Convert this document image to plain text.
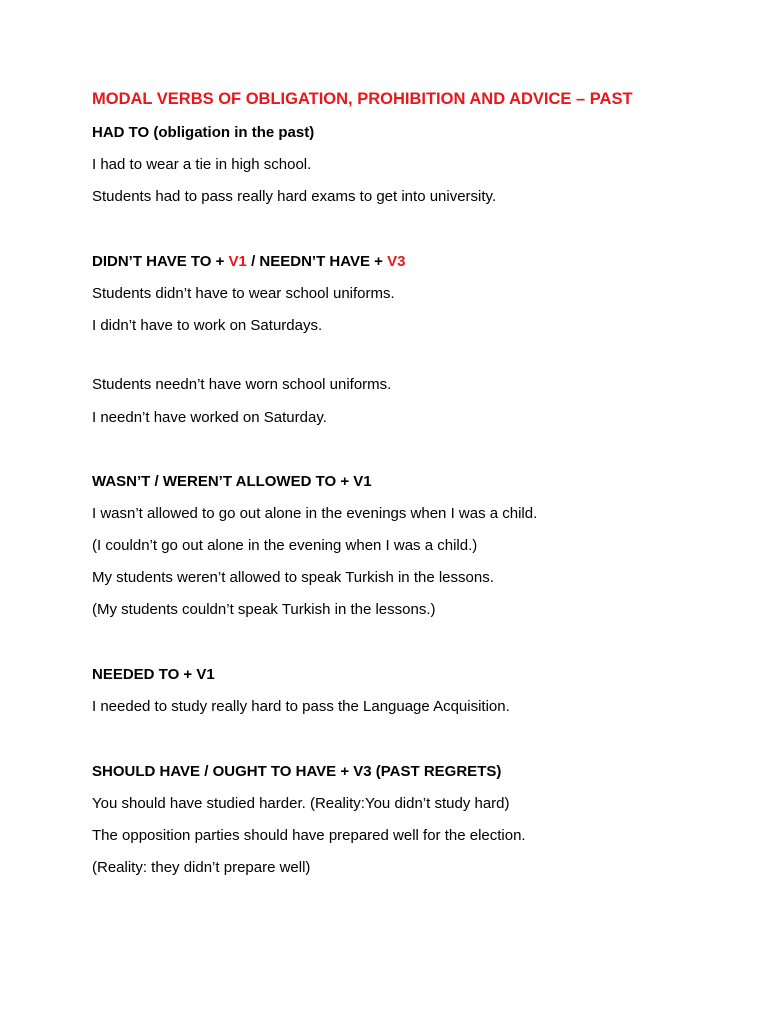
MODAL VERBS OF OBLIGATION, PROHIBITION AND ADVICE – PAST
HAD TO (obligation in the past)
I had to wear a tie in high school.
Students had to pass really hard exams to get into university.
DIDN’T HAVE TO + V1 / NEEDN’T HAVE + V3
Students didn’t have to wear school uniforms.
I didn’t have to work on Saturdays.
Students needn’t have worn school uniforms.
I needn’t have worked on Saturday.
WASN’T / WEREN’T ALLOWED TO + V1
I wasn’t allowed to go out alone in the evenings when I was a child.
(I couldn’t go out alone in the evening when I was a child.)
My students weren’t allowed to speak Turkish in the lessons.
(My students couldn’t speak Turkish in the lessons.)
NEEDED TO + V1
I needed to study really hard to pass the Language Acquisition.
SHOULD HAVE / OUGHT TO HAVE + V3 (PAST REGRETS)
You should have studied harder. (Reality:You didn’t study hard)
The opposition parties should have prepared well for the election.
(Reality: they didn’t prepare well)
